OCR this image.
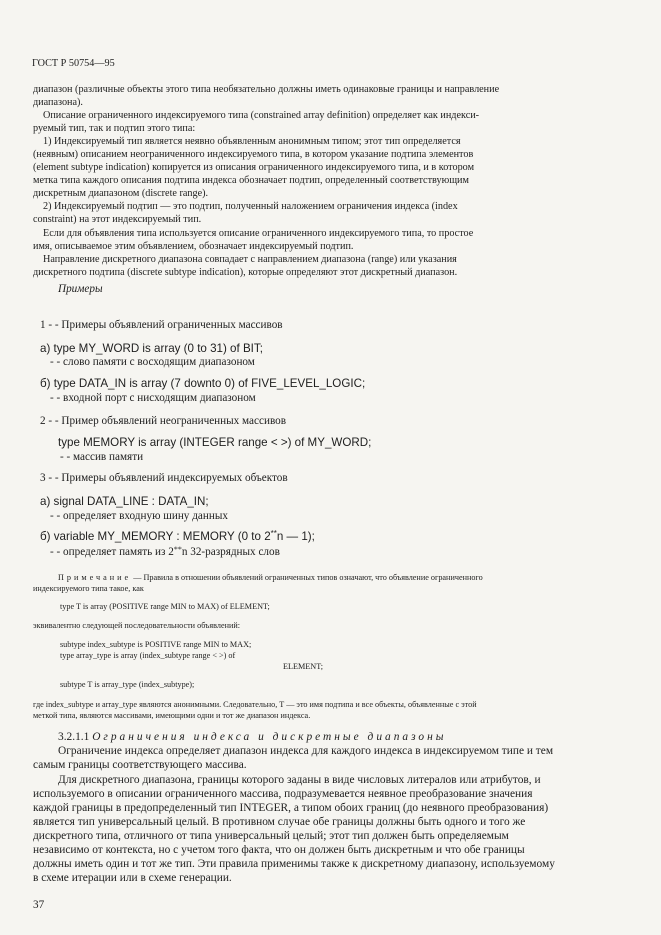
ГОСТ Р 50754—95
диапазон (различные объекты этого типа необязательно должны иметь одинаковые границы и направление
диапазона).
Описание ограниченного индексируемого типа (constrained array definition) определяет как индекси-
руемый тип, так и подтип этого типа:
1) Индексируемый тип является неявно объявленным анонимным типом; этот тип определяется
(неявным) описанием неограниченного индексируемого типа, в котором указание подтипа элементов
(element subtype indication) копируется из описания ограниченного индексируемого типа, и в котором
метка типа каждого описания подтипа индекса обозначает подтип, определенный соответствующим
дискретным диапазоном (discrete range).
2) Индексируемый подтип — это подтип, полученный наложением ограничения индекса (index
constraint) на этот индексируемый тип.
Если для объявления типа используется описание ограниченного индексируемого типа, то простое
имя, описываемое этим объявлением, обозначает индексируемый подтип.
Направление дискретного диапазона совпадает с направлением диапазона (range) или указания
дискретного подтипа (discrete subtype indication), которые определяют этот дискретный диапазон.
Примеры
1 - - Примеры объявлений ограниченных массивов
а) type MY_WORD is array (0 to 31) of BIT;
- - слово памяти с восходящим диапазоном
б) type DATA_IN is array (7 downto 0) of FIVE_LEVEL_LOGIC;
- - входной порт с нисходящим диапазоном
2 - - Пример объявлений неограниченных массивов
type MEMORY is array (INTEGER range < >) of MY_WORD;
- - массив памяти
3 - - Примеры объявлений индексируемых объектов
а) signal DATA_LINE : DATA_IN;
- - определяет входную шину данных
б) variable MY_MEMORY : MEMORY (0 to 2**n — 1);
- - определяет память из 2**n 32-разрядных слов
Примечание — Правила в отношении объявлений ограниченных типов означают, что объявление ограниченного
индексируемого типа такое, как
type T is array (POSITIVE range MIN to MAX) of ELEMENT;
эквивалентно следующей последовательности объявлений:
subtype index_subtype is POSITIVE range MIN to MAX;
type array_type is array (index_subtype range < >) of
ELEMENT;
subtype T is array_type (index_subtype);
где index_subtype и array_type являются анонимными. Следовательно, T — это имя подтипа и все объекты, объявленные с этой
меткой типа, являются массивами, имеющими одни и тот же диапазон индекса.
3.2.1.1 Ограничения индекса и дискретные диапазоны
Ограничение индекса определяет диапазон индекса для каждого индекса в индексируемом типе и тем
самым границы соответствующего массива.
Для дискретного диапазона, границы которого заданы в виде числовых литералов или атрибутов, и
используемого в описании ограниченного массива, подразумевается неявное преобразование значения
каждой границы в предопределенный тип INTEGER, а типом обоих границ (до неявного преобразования)
является тип универсальный целый. В противном случае обе границы должны быть одного и того же
дискретного типа, отличного от типа универсальный целый; этот тип должен быть определяемым
независимо от контекста, но с учетом того факта, что он должен быть дискретным и что обе границы
должны иметь один и тот же тип. Эти правила применимы также к дискретному диапазону, используемому
в схеме итерации или в схеме генерации.
37
